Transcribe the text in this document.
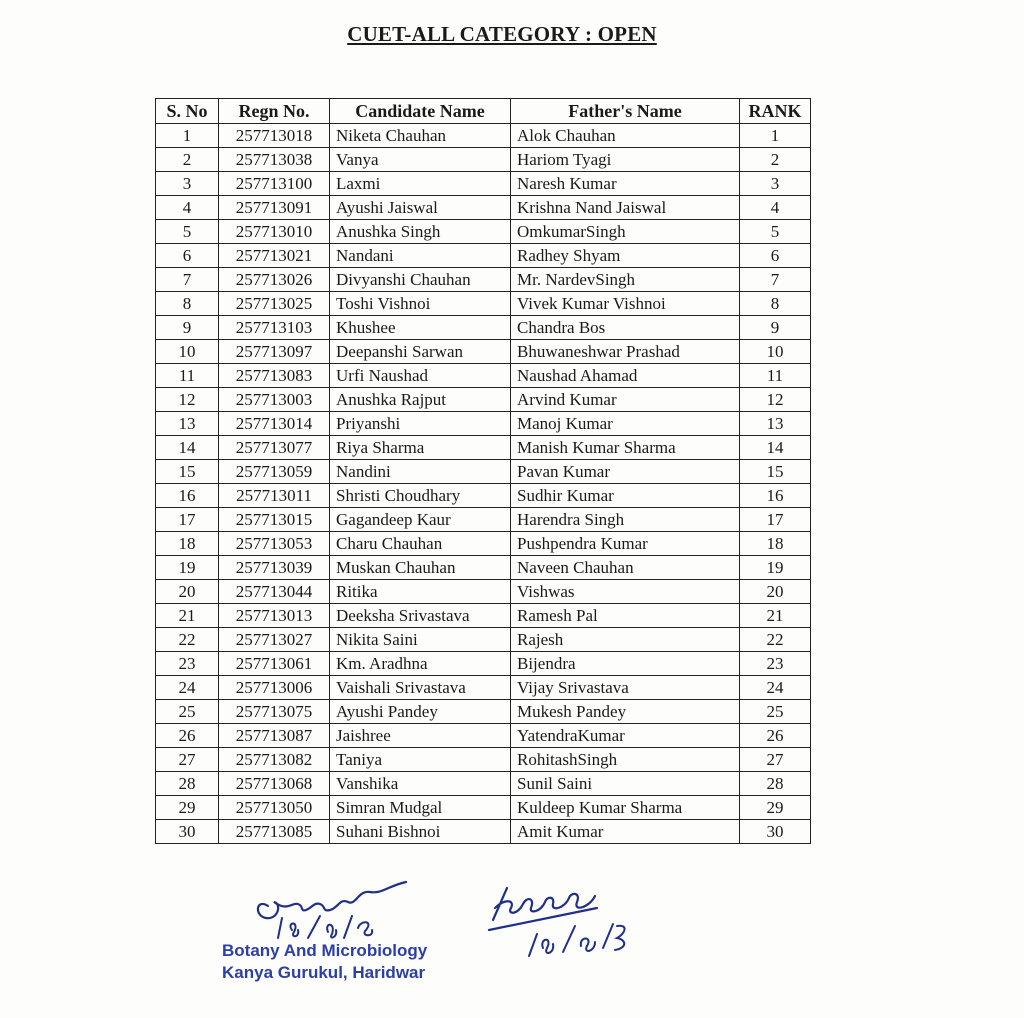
CUET-ALL CATEGORY : OPEN
S. No	Regn No.	Candidate Name	Father's Name	RANK
1	257713018	Niketa Chauhan	Alok Chauhan	1
2	257713038	Vanya	Hariom Tyagi	2
3	257713100	Laxmi	Naresh Kumar	3
4	257713091	Ayushi Jaiswal	Krishna Nand Jaiswal	4
5	257713010	Anushka Singh	OmkumarSingh	5
6	257713021	Nandani	Radhey Shyam	6
7	257713026	Divyanshi Chauhan	Mr. NardevSingh	7
8	257713025	Toshi Vishnoi	Vivek Kumar Vishnoi	8
9	257713103	Khushee	Chandra Bos	9
10	257713097	Deepanshi Sarwan	Bhuwaneshwar Prashad	10
11	257713083	Urfi Naushad	Naushad Ahamad	11
12	257713003	Anushka Rajput	Arvind Kumar	12
13	257713014	Priyanshi	Manoj Kumar	13
14	257713077	Riya Sharma	Manish Kumar Sharma	14
15	257713059	Nandini	Pavan Kumar	15
16	257713011	Shristi Choudhary	Sudhir Kumar	16
17	257713015	Gagandeep Kaur	Harendra Singh	17
18	257713053	Charu Chauhan	Pushpendra Kumar	18
19	257713039	Muskan Chauhan	Naveen Chauhan	19
20	257713044	Ritika	Vishwas	20
21	257713013	Deeksha Srivastava	Ramesh Pal	21
22	257713027	Nikita Saini	Rajesh	22
23	257713061	Km. Aradhna	Bijendra	23
24	257713006	Vaishali Srivastava	Vijay Srivastava	24
25	257713075	Ayushi Pandey	Mukesh Pandey	25
26	257713087	Jaishree	YatendraKumar	26
27	257713082	Taniya	RohitashSingh	27
28	257713068	Vanshika	Sunil Saini	28
29	257713050	Simran Mudgal	Kuldeep Kumar Sharma	29
30	257713085	Suhani Bishnoi	Amit Kumar	30
Botany And Microbiology
Kanya Gurukul, Haridwar
